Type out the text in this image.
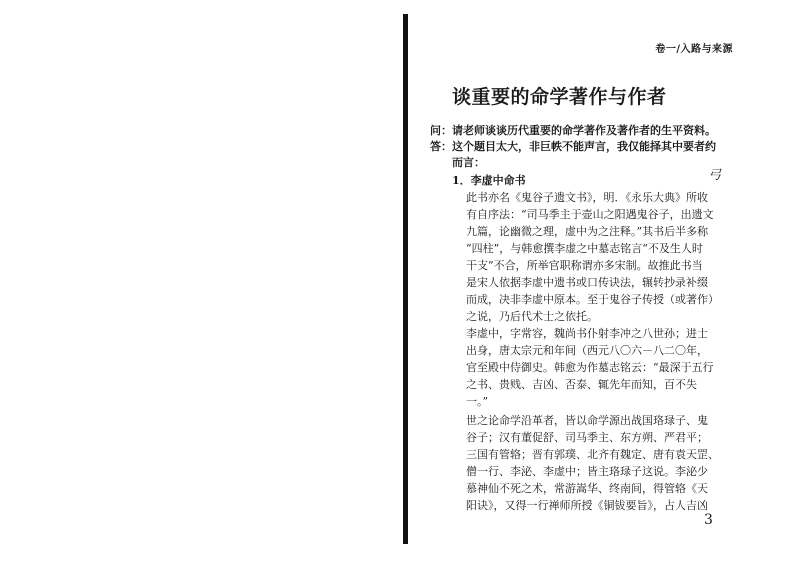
卷一/入路与来源
谈重要的命学著作与作者
问：请老师谈谈历代重要的命学著作及著作者的生平资料。
答：这个题目太大，非巨帙不能声言，我仅能择其中要者约
而言：
弓
1．李虚中命书
此书亦名《鬼谷子遗文书》，明．《永乐大典》所收
有自序法：“司马季主于壶山之阳遇鬼谷子，出遗文
九篇，论幽微之理，虚中为之注释。”其书后半多称
“四柱”，与韩愈撰李虚之中墓志铭言“不及生人时
干支”不合，所举官职称谓亦多宋制。故推此书当
是宋人依据李虚中遗书或口传诀法，辗转抄录补缀
而成，决非李虚中原本。至于鬼谷子传授（或著作）
之说，乃后代术士之依托。
李虚中，字常容，魏尚书仆射李冲之八世孙；进士
出身，唐太宗元和年间（西元八〇六－八二〇年，
官至殿中侍御史。韩愈为作墓志铭云：“最深于五行
之书、贵贱、吉凶、否泰、辄先年而知，百不失
一。”
世之论命学沿革者，皆以命学源出战国珞琭子、鬼
谷子；汉有董促舒、司马季主、东方朔、严君平；
三国有管辂；晋有郭璞、北齐有魏定、唐有袁天罡、
僧一行、李泌、李虚中；皆主珞琭子这说。李泌少
慕神仙不死之术，常游嵩华、终南间，得管辂《天
阳诀》，又得一行禅师所授《铜钹要旨》，占人吉凶
3
